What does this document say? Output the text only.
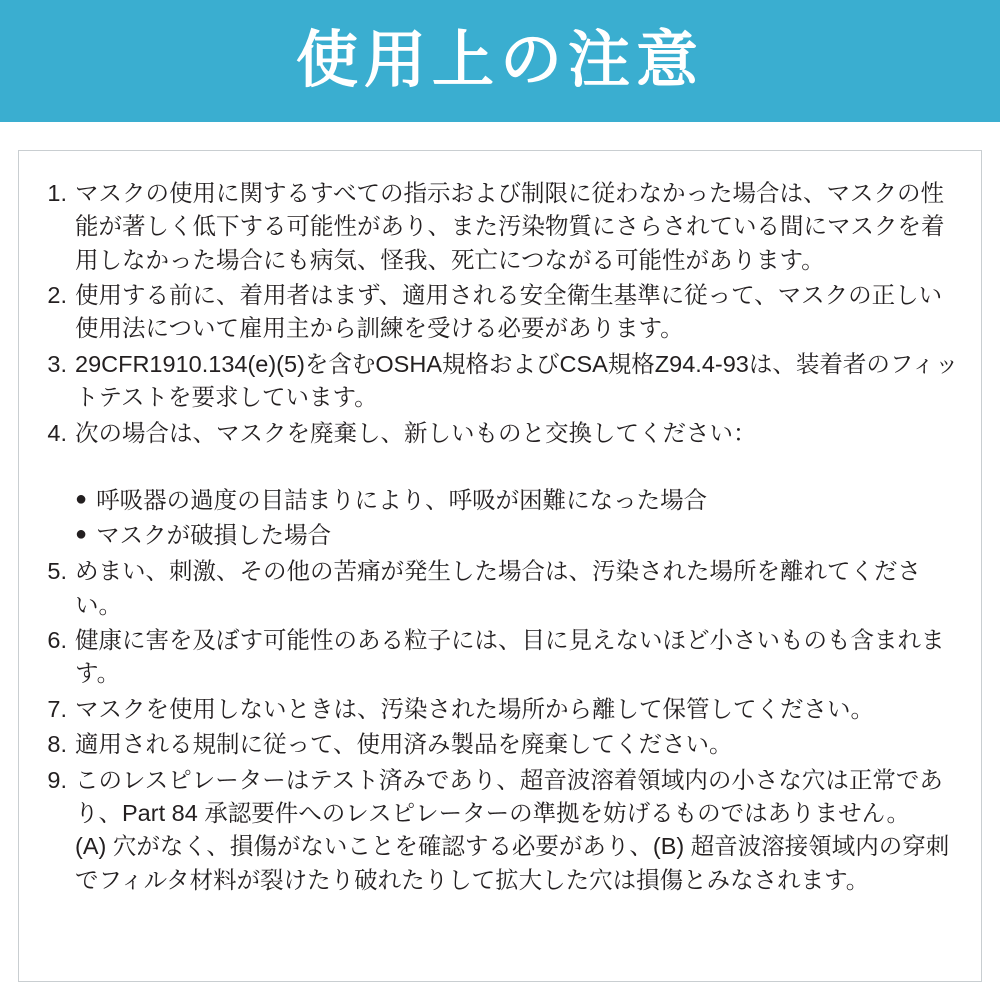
使用上の注意
1. マスクの使用に関するすべての指示および制限に従わなかった場合は、マスクの性能が著しく低下する可能性があり、また汚染物質にさらされている間にマスクを着用しなかった場合にも病気、怪我、死亡につながる可能性があります。
2. 使用する前に、着用者はまず、適用される安全衛生基準に従って、マスクの正しい使用法について雇用主から訓練を受ける必要があります。
3. 29CFR1910.134(e)(5)を含むOSHA規格およびCSA規格Z94.4-93は、装着者のフィットテストを要求しています。
4. 次の場合は、マスクを廃棄し、新しいものと交換してください：
● 呼吸器の過度の目詰まりにより、呼吸が困難になった場合
● マスクが破損した場合
5. めまい、刺激、その他の苦痛が発生した場合は、汚染された場所を離れてください。
6. 健康に害を及ぼす可能性のある粒子には、目に見えないほど小さいものも含まれます。
7. マスクを使用しないときは、汚染された場所から離して保管してください。
8. 適用される規制に従って、使用済み製品を廃棄してください。
9. このレスピレーターはテスト済みであり、超音波溶着領域内の小さな穴は正常であり、Part 84 承認要件へのレスピレーターの準拠を妨げるものではありません。
(A) 穴がなく、損傷がないことを確認する必要があり、(B) 超音波溶接領域内の穿刺でフィルタ材料が裂けたり破れたりして拡大した穴は損傷とみなされます。
